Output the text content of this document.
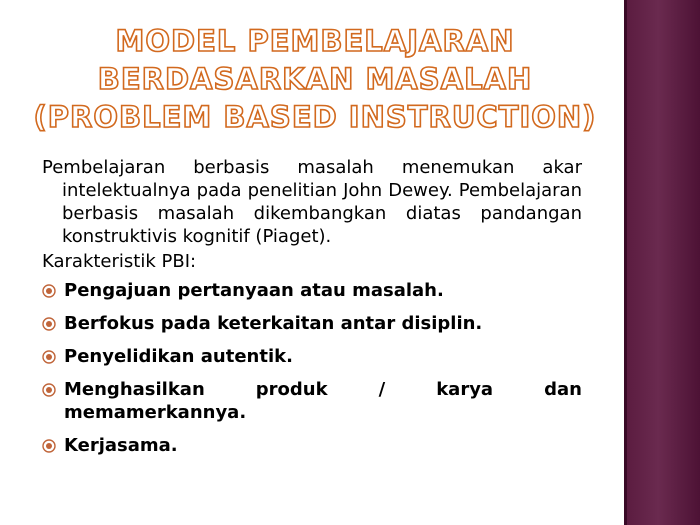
MODEL PEMBELAJARAN BERDASARKAN MASALAH (PROBLEM BASED INSTRUCTION)
Pembelajaran berbasis masalah menemukan akar intelektualnya pada penelitian John Dewey. Pembelajaran berbasis masalah dikembangkan diatas pandangan konstruktivis kognitif (Piaget).
Karakteristik PBI:
Pengajuan pertanyaan atau masalah.
Berfokus pada keterkaitan antar disiplin.
Penyelidikan autentik.
Menghasilkan	produk	/	karya	dan
memamerkannya.
Kerjasama.
